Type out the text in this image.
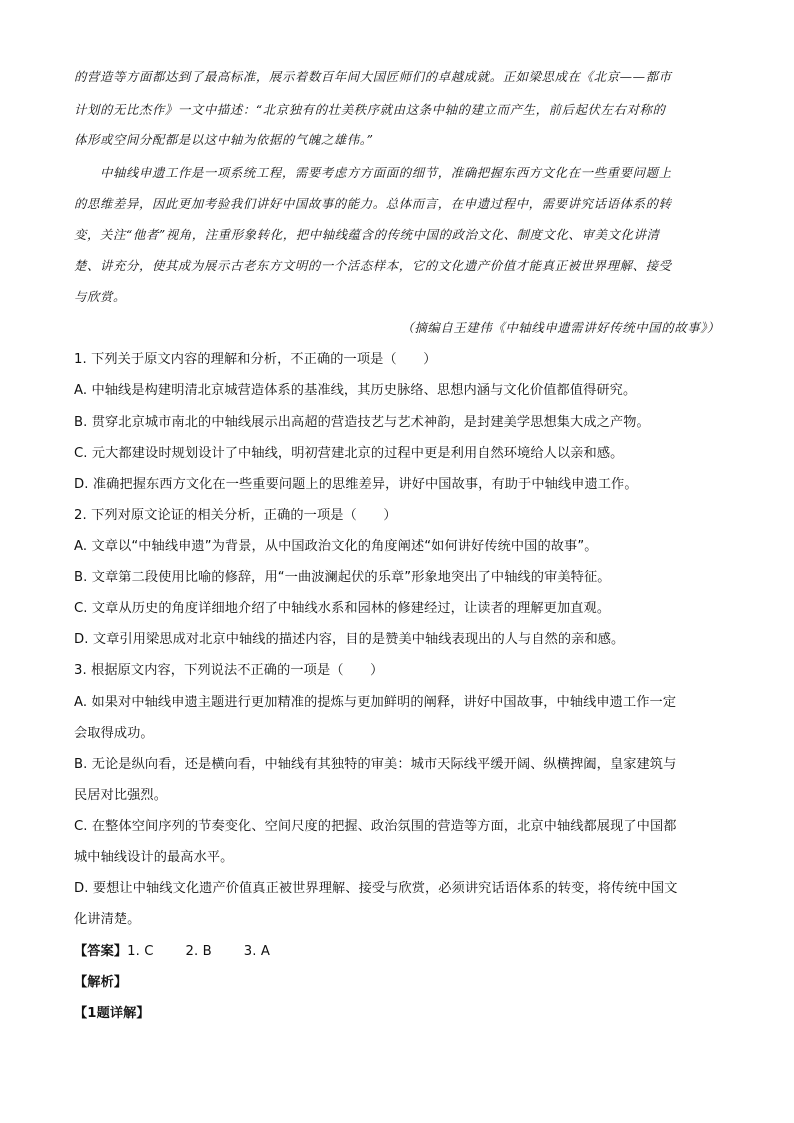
的营造等方面都达到了最高标准，展示着数百年间大国匠师们的卓越成就。正如梁思成在《北京——都市
计划的无比杰作》一文中描述：“北京独有的壮美秩序就由这条中轴的建立而产生，前后起伏左右对称的
体形或空间分配都是以这中轴为依据的气魄之雄伟。”
中轴线申遗工作是一项系统工程，需要考虑方方面面的细节，准确把握东西方文化在一些重要问题上
的思维差异，因此更加考验我们讲好中国故事的能力。总体而言，在申遗过程中，需要讲究话语体系的转
变，关注“他者”视角，注重形象转化，把中轴线蕴含的传统中国的政治文化、制度文化、审美文化讲清
楚、讲充分，使其成为展示古老东方文明的一个活态样本，它的文化遗产价值才能真正被世界理解、接受
与欣赏。
（摘编自王建伟《中轴线申遗需讲好传统中国的故事》）
1. 下列关于原文内容的理解和分析，不正确的一项是（　　）
A. 中轴线是构建明清北京城营造体系的基准线，其历史脉络、思想内涵与文化价值都值得研究。
B. 贯穿北京城市南北的中轴线展示出高超的营造技艺与艺术神韵，是封建美学思想集大成之产物。
C. 元大都建设时规划设计了中轴线，明初营建北京的过程中更是利用自然环境给人以亲和感。
D. 准确把握东西方文化在一些重要问题上的思维差异，讲好中国故事，有助于中轴线申遗工作。
2. 下列对原文论证的相关分析，正确的一项是（　　）
A. 文章以“中轴线申遗”为背景，从中国政治文化的角度阐述“如何讲好传统中国的故事”。
B. 文章第二段使用比喻的修辞，用“一曲波澜起伏的乐章”形象地突出了中轴线的审美特征。
C. 文章从历史的角度详细地介绍了中轴线水系和园林的修建经过，让读者的理解更加直观。
D. 文章引用梁思成对北京中轴线的描述内容，目的是赞美中轴线表现出的人与自然的亲和感。
3. 根据原文内容，下列说法不正确的一项是（　　）
A. 如果对中轴线申遗主题进行更加精准的提炼与更加鲜明的阐释，讲好中国故事，中轴线申遗工作一定
会取得成功。
B. 无论是纵向看，还是横向看，中轴线有其独特的审美：城市天际线平缓开阔、纵横捭阖，皇家建筑与
民居对比强烈。
C. 在整体空间序列的节奏变化、空间尺度的把握、政治氛围的营造等方面，北京中轴线都展现了中国都
城中轴线设计的最高水平。
D. 要想让中轴线文化遗产价值真正被世界理解、接受与欣赏，必须讲究话语体系的转变，将传统中国文
化讲清楚。
【答案】1. C 2. B 3. A
【解析】
【1题详解】
